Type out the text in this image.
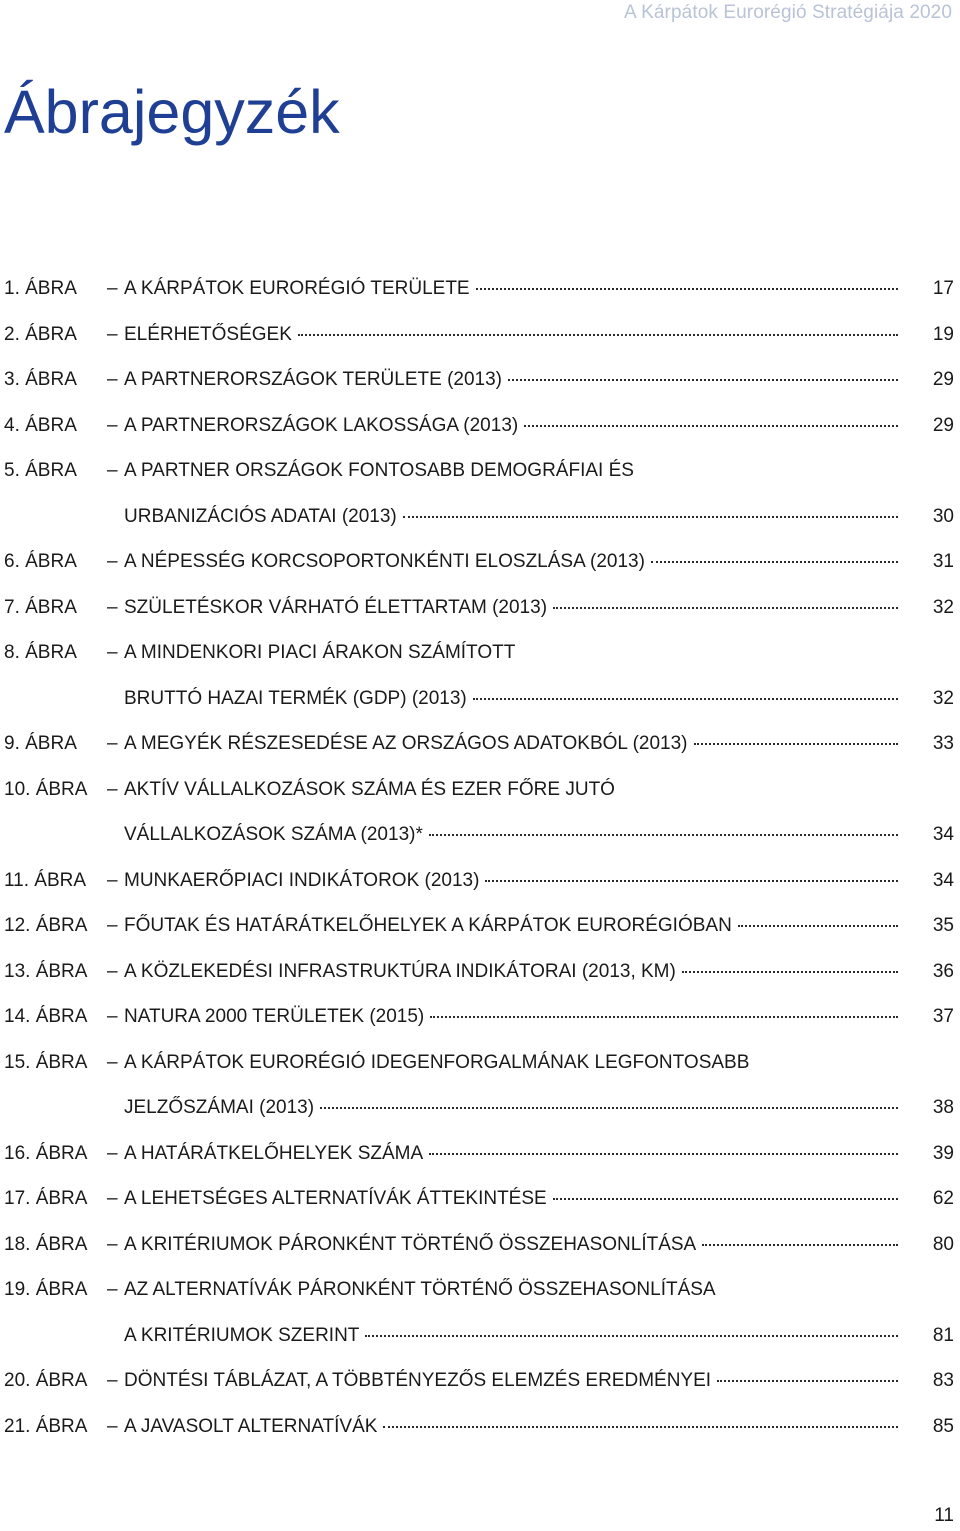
A Kárpátok Eurorégió Stratégiája 2020
Ábrajegyzék
1. ÁBRA – A KÁRPÁTOK EURORÉGIÓ TERÜLETE	17
2. ÁBRA – ELÉRHETŐSÉGEK	19
3. ÁBRA – A PARTNERORSZÁGOK TERÜLETE (2013)	29
4. ÁBRA – A PARTNERORSZÁGOK LAKOSSÁGA (2013)	29
5. ÁBRA – A PARTNER ORSZÁGOK FONTOSABB DEMOGRÁFIAI ÉS
URBANIZÁCIÓS ADATAI (2013)	30
6. ÁBRA – A NÉPESSÉG KORCSOPORTONKÉNTI ELOSZLÁSA (2013)	31
7. ÁBRA – SZÜLETÉSKOR VÁRHATÓ ÉLETTARTAM (2013)	32
8. ÁBRA – A MINDENKORI PIACI ÁRAKON SZÁMÍTOTT
BRUTTÓ HAZAI TERMÉK (GDP) (2013)	32
9. ÁBRA – A MEGYÉK RÉSZESEDÉSE AZ ORSZÁGOS ADATOKBÓL (2013)	33
10. ÁBRA – AKTÍV VÁLLALKOZÁSOK SZÁMA ÉS EZER FŐRE JUTÓ
VÁLLALKOZÁSOK SZÁMA (2013)*	34
11. ÁBRA – MUNKAERŐPIACI INDIKÁTOROK (2013)	34
12. ÁBRA – FŐUTAK ÉS HATÁRÁTKELŐHELYEK A KÁRPÁTOK EURORÉGIÓBAN	35
13. ÁBRA – A KÖZLEKEDÉSI INFRASTRUKTÚRA INDIKÁTORAI (2013, KM)	36
14. ÁBRA – NATURA 2000 TERÜLETEK (2015)	37
15. ÁBRA – A KÁRPÁTOK EURORÉGIÓ IDEGENFORGALMÁNAK LEGFONTOSABB
JELZŐSZÁMAI (2013)	38
16. ÁBRA – A HATÁRÁTKELŐHELYEK SZÁMA	39
17. ÁBRA – A LEHETSÉGES ALTERNATÍVÁK ÁTTEKINTÉSE	62
18. ÁBRA – A KRITÉRIUMOK PÁRONKÉNT TÖRTÉNŐ ÖSSZEHASONLÍTÁSA	80
19. ÁBRA – AZ ALTERNATÍVÁK PÁRONKÉNT TÖRTÉNŐ ÖSSZEHASONLÍTÁSA
A KRITÉRIUMOK SZERINT	81
20. ÁBRA – DÖNTÉSI TÁBLÁZAT, A TÖBBTÉNYEZŐS ELEMZÉS EREDMÉNYEI	83
21. ÁBRA – A JAVASOLT ALTERNATÍVÁK	85
11
